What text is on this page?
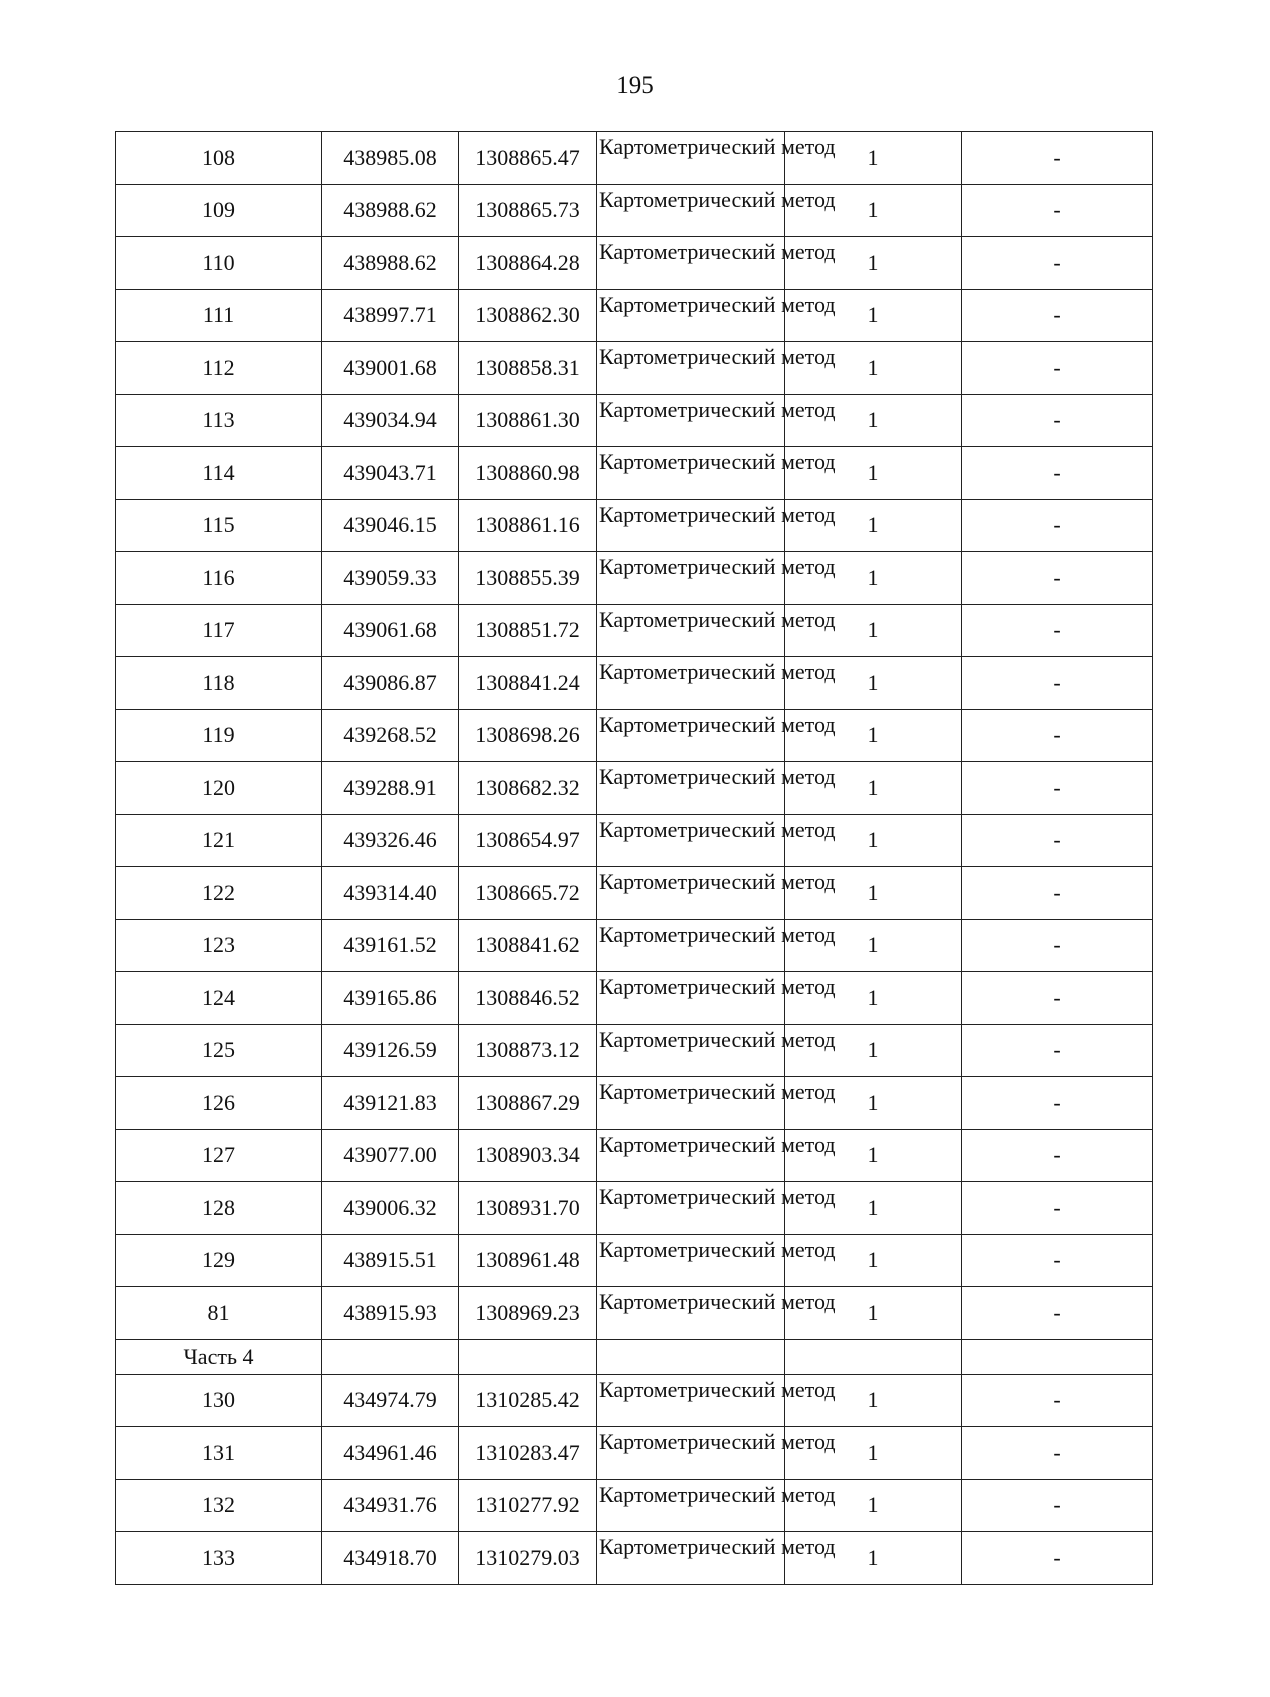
195
108	438985.08	1308865.47	Картометрический метод	1	-
109	438988.62	1308865.73	Картометрический метод	1	-
110	438988.62	1308864.28	Картометрический метод	1	-
111	438997.71	1308862.30	Картометрический метод	1	-
112	439001.68	1308858.31	Картометрический метод	1	-
113	439034.94	1308861.30	Картометрический метод	1	-
114	439043.71	1308860.98	Картометрический метод	1	-
115	439046.15	1308861.16	Картометрический метод	1	-
116	439059.33	1308855.39	Картометрический метод	1	-
117	439061.68	1308851.72	Картометрический метод	1	-
118	439086.87	1308841.24	Картометрический метод	1	-
119	439268.52	1308698.26	Картометрический метод	1	-
120	439288.91	1308682.32	Картометрический метод	1	-
121	439326.46	1308654.97	Картометрический метод	1	-
122	439314.40	1308665.72	Картометрический метод	1	-
123	439161.52	1308841.62	Картометрический метод	1	-
124	439165.86	1308846.52	Картометрический метод	1	-
125	439126.59	1308873.12	Картометрический метод	1	-
126	439121.83	1308867.29	Картометрический метод	1	-
127	439077.00	1308903.34	Картометрический метод	1	-
128	439006.32	1308931.70	Картометрический метод	1	-
129	438915.51	1308961.48	Картометрический метод	1	-
81	438915.93	1308969.23	Картометрический метод	1	-
Часть 4					
130	434974.79	1310285.42	Картометрический метод	1	-
131	434961.46	1310283.47	Картометрический метод	1	-
132	434931.76	1310277.92	Картометрический метод	1	-
133	434918.70	1310279.03	Картометрический метод	1	-
